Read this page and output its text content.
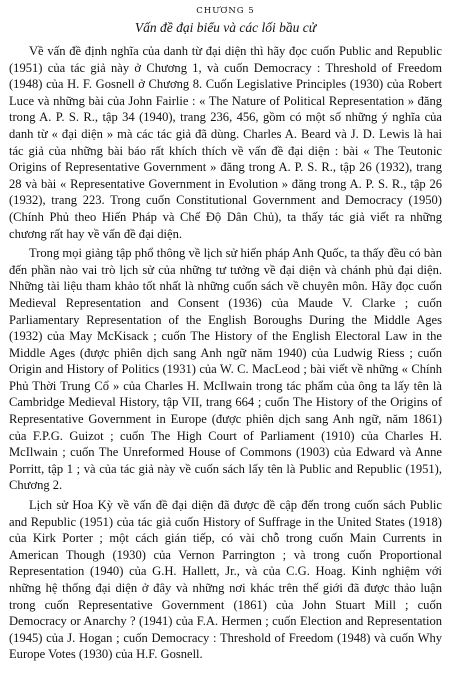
CHƯƠNG 5
Vấn đề đại biểu và các lối bầu cử

Về vấn đề định nghĩa của danh từ đại diện thì hãy đọc cuốn Public and Republic (1951) của tác giả này ở Chương 1, và cuốn Democracy : Threshold of Freedom (1948) của H. F. Gosnell ở Chương 8. Cuốn Legislative Principles (1930) của Robert Luce và những bài của John Fairlie : « The Nature of Political Representation » đăng trong A. P. S. R., tập 34 (1940), trang 236, 456, gồm có một số những ý nghĩa của danh từ « đại diện » mà các tác giả đã dùng. Charles A. Beard và J. D. Lewis là hai tác giả của những bài báo rất khích thích về vấn đề đại diện : bài « The Teutonic Origins of Representative Government » đăng trong A. P. S. R., tập 26 (1932), trang 28 và bài « Representative Government in Evolution » đăng trong A. P. S. R., tập 26 (1932), trang 223. Trong cuốn Constitutional Government and Democracy (1950) (Chính Phủ theo Hiến Pháp và Chế Độ Dân Chủ), ta thấy tác giả viết ra những chương rất hay về vấn đề đại diện.

Trong mọi giảng tập phổ thông về lịch sử hiến pháp Anh Quốc, ta thấy đều có bàn đến phần nào vai trò lịch sử của những tư tưởng về đại diện và chánh phủ đại diện. Những tài liệu tham khảo tốt nhất là những cuốn sách về chuyên môn. Hãy đọc cuốn Medieval Representation and Consent (1936) của Maude V. Clarke ; cuốn Parliamentary Representation of the English Boroughs During the Middle Ages (1932) của May McKisack ; cuốn The History of the English Electoral Law in the Middle Ages (được phiên dịch sang Anh ngữ năm 1940) của Ludwig Riess ; cuốn Origin and History of Politics (1931) của W. C. MacLeod ; bài viết về những « Chính Phủ Thời Trung Cổ » của Charles H. McIlwain trong tác phẩm của ông ta lấy tên là Cambridge Medieval History, tập VII, trang 664 ; cuốn The History of the Origins of Representative Government in Europe (được phiên dịch sang Anh ngữ, năm 1861) của F.P.G. Guizot ; cuốn The High Court of Parliament (1910) của Charles H. McIlwain ; cuốn The Unreformed House of Commons (1903) của Edward và Anne Porritt, tập 1 ; và của tác giả này về cuốn sách lấy tên là Public and Republic (1951), Chương 2.

Lịch sử Hoa Kỳ về vấn đề đại diện đã được đề cập đến trong cuốn sách Public and Republic (1951) của tác giả cuốn History of Suffrage in the United States (1918) của Kirk Porter ; một cách gián tiếp, có vài chỗ trong cuốn Main Currents in American Though (1930) của Vernon Parrington ; và trong cuốn Proportional Representation (1940) của G.H. Hallett, Jr., và của C.G. Hoag. Kinh nghiệm với những hệ thống đại diện ở đây và những nơi khác trên thế giới đã được thảo luận trong cuốn Representative Government (1861) của John Stuart Mill ; cuốn Democracy or Anarchy ? (1941) của F.A. Hermen ; cuốn Election and Representation (1945) của J. Hogan ; cuốn Democracy : Threshold of Freedom (1948) và cuốn Why Europe Votes (1930) của H.F. Gosnell.
